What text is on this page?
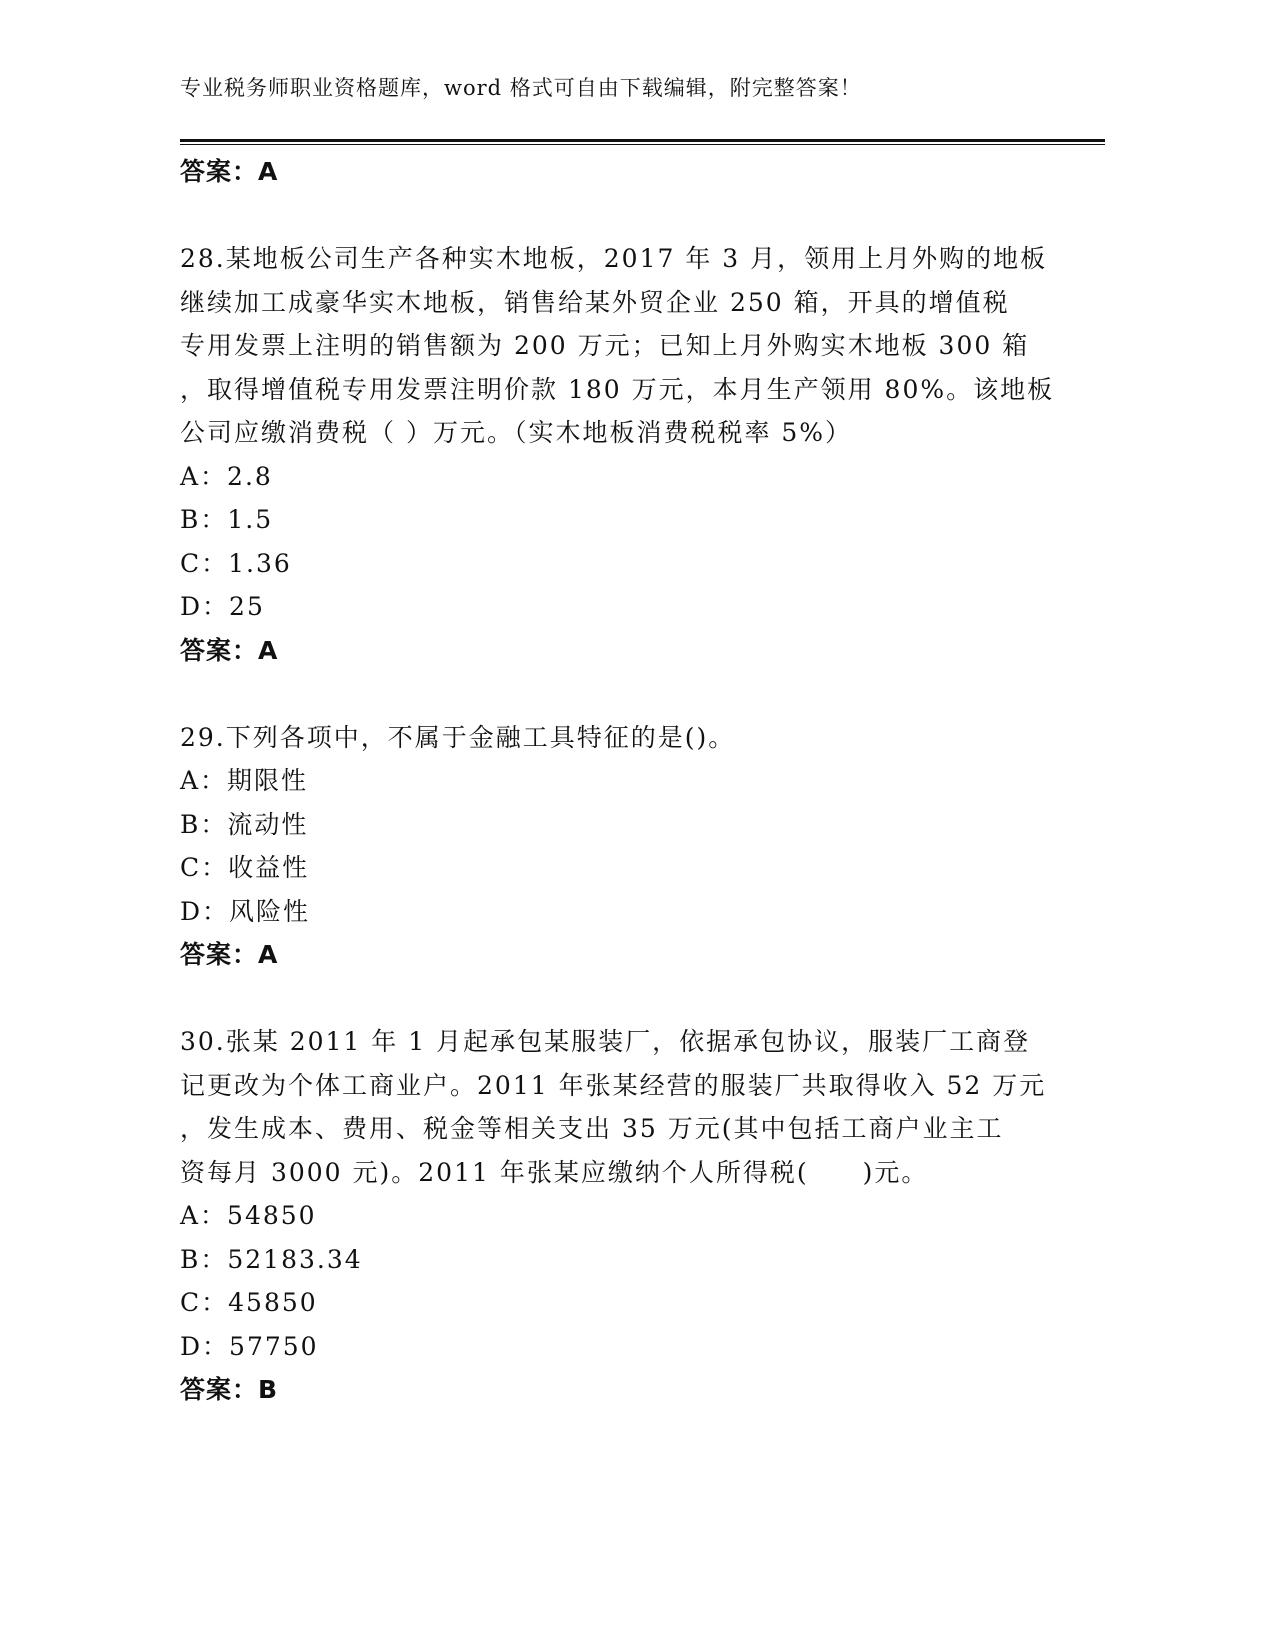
专业税务师职业资格题库，word 格式可自由下载编辑，附完整答案！
答案：A
28.某地板公司生产各种实木地板，2017 年 3 月，领用上月外购的地板
继续加工成豪华实木地板，销售给某外贸企业 250 箱，开具的增值税
专用发票上注明的销售额为 200 万元；已知上月外购实木地板 300 箱
，取得增值税专用发票注明价款 180 万元，本月生产领用 80%。该地板
公司应缴消费税（ ）万元。（实木地板消费税税率 5%）
A：2.8
B：1.5
C：1.36
D：25
答案：A
29.下列各项中，不属于金融工具特征的是()。
A：期限性
B：流动性
C：收益性
D：风险性
答案：A
30.张某 2011 年 1 月起承包某服装厂，依据承包协议，服装厂工商登
记更改为个体工商业户。2011 年张某经营的服装厂共取得收入 52 万元
，发生成本、费用、税金等相关支出 35 万元(其中包括工商户业主工
资每月 3000 元)。2011 年张某应缴纳个人所得税(　　)元。
A：54850
B：52183.34
C：45850
D：57750
答案：B
